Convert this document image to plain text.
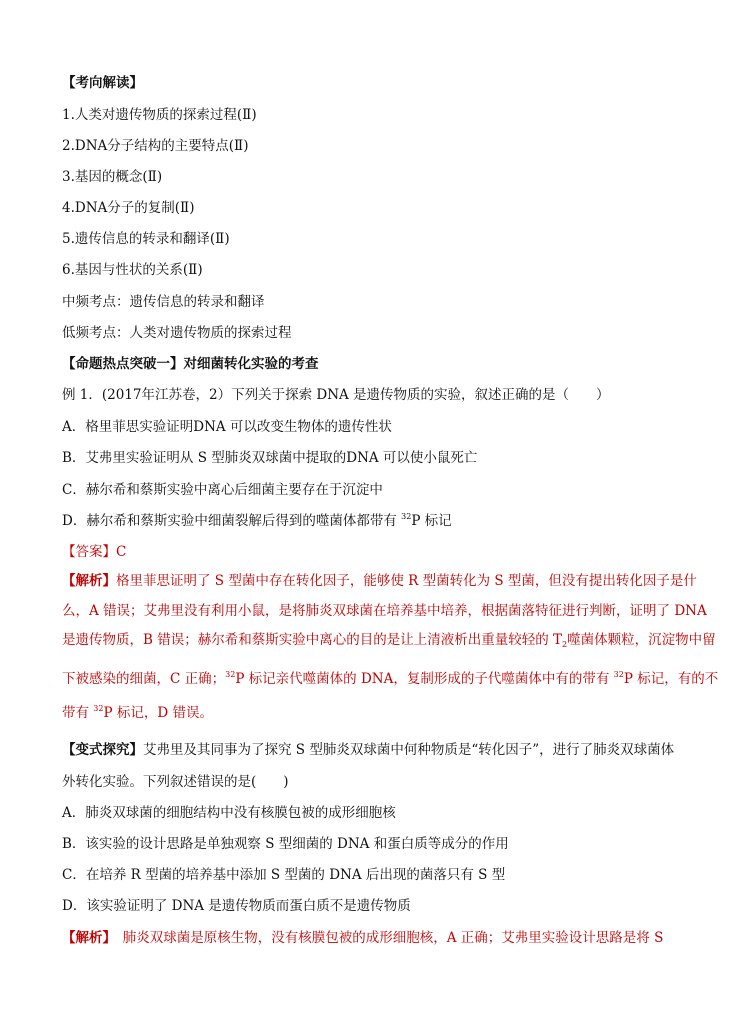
【考向解读】
1.人类对遗传物质的探索过程(Ⅱ)
2.DNA分子结构的主要特点(Ⅱ)
3.基因的概念(Ⅱ)
4.DNA分子的复制(Ⅱ)
5.遗传信息的转录和翻译(Ⅱ)
6.基因与性状的关系(Ⅱ)
中频考点：遗传信息的转录和翻译
低频考点：人类对遗传物质的探索过程
【命题热点突破一】对细菌转化实验的考查
例 1．(2017年江苏卷，2）下列关于探索 DNA 是遗传物质的实验，叙述正确的是（　　）
A．格里菲思实验证明DNA 可以改变生物体的遗传性状
B．艾弗里实验证明从 S 型肺炎双球菌中提取的DNA 可以使小鼠死亡
C．赫尔希和蔡斯实验中离心后细菌主要存在于沉淀中
D．赫尔希和蔡斯实验中细菌裂解后得到的噬菌体都带有 $^{32}$P 标记
【答案】C
【解析】格里菲思证明了 S 型菌中存在转化因子，能够使 R 型菌转化为 S 型菌，但没有提出转化因子是什么，A 错误；艾弗里没有利用小鼠，是将肺炎双球菌在培养基中培养，根据菌落特征进行判断，证明了 DNA 是遗传物质，B 错误；赫尔希和蔡斯实验中离心的目的是让上清液析出重量较轻的 $T_2$噬菌体颗粒，沉淀物中留下被感染的细菌，C 正确；$^{32}$P 标记亲代噬菌体的 DNA，复制形成的子代噬菌体中有的带有 $^{32}$P 标记，有的不带有 $^{32}$P 标记，D 错误。
【变式探究】艾弗里及其同事为了探究 S 型肺炎双球菌中何种物质是“转化因子”，进行了肺炎双球菌体
外转化实验。下列叙述错误的是(　　)
A．肺炎双球菌的细胞结构中没有核膜包被的成形细胞核
B．该实验的设计思路是单独观察 S 型细菌的 DNA 和蛋白质等成分的作用
C．在培养 R 型菌的培养基中添加 S 型菌的 DNA 后出现的菌落只有 S 型
D．该实验证明了 DNA 是遗传物质而蛋白质不是遗传物质
【解析】　肺炎双球菌是原核生物，没有核膜包被的成形细胞核，A 正确；艾弗里实验设计思路是将 S
